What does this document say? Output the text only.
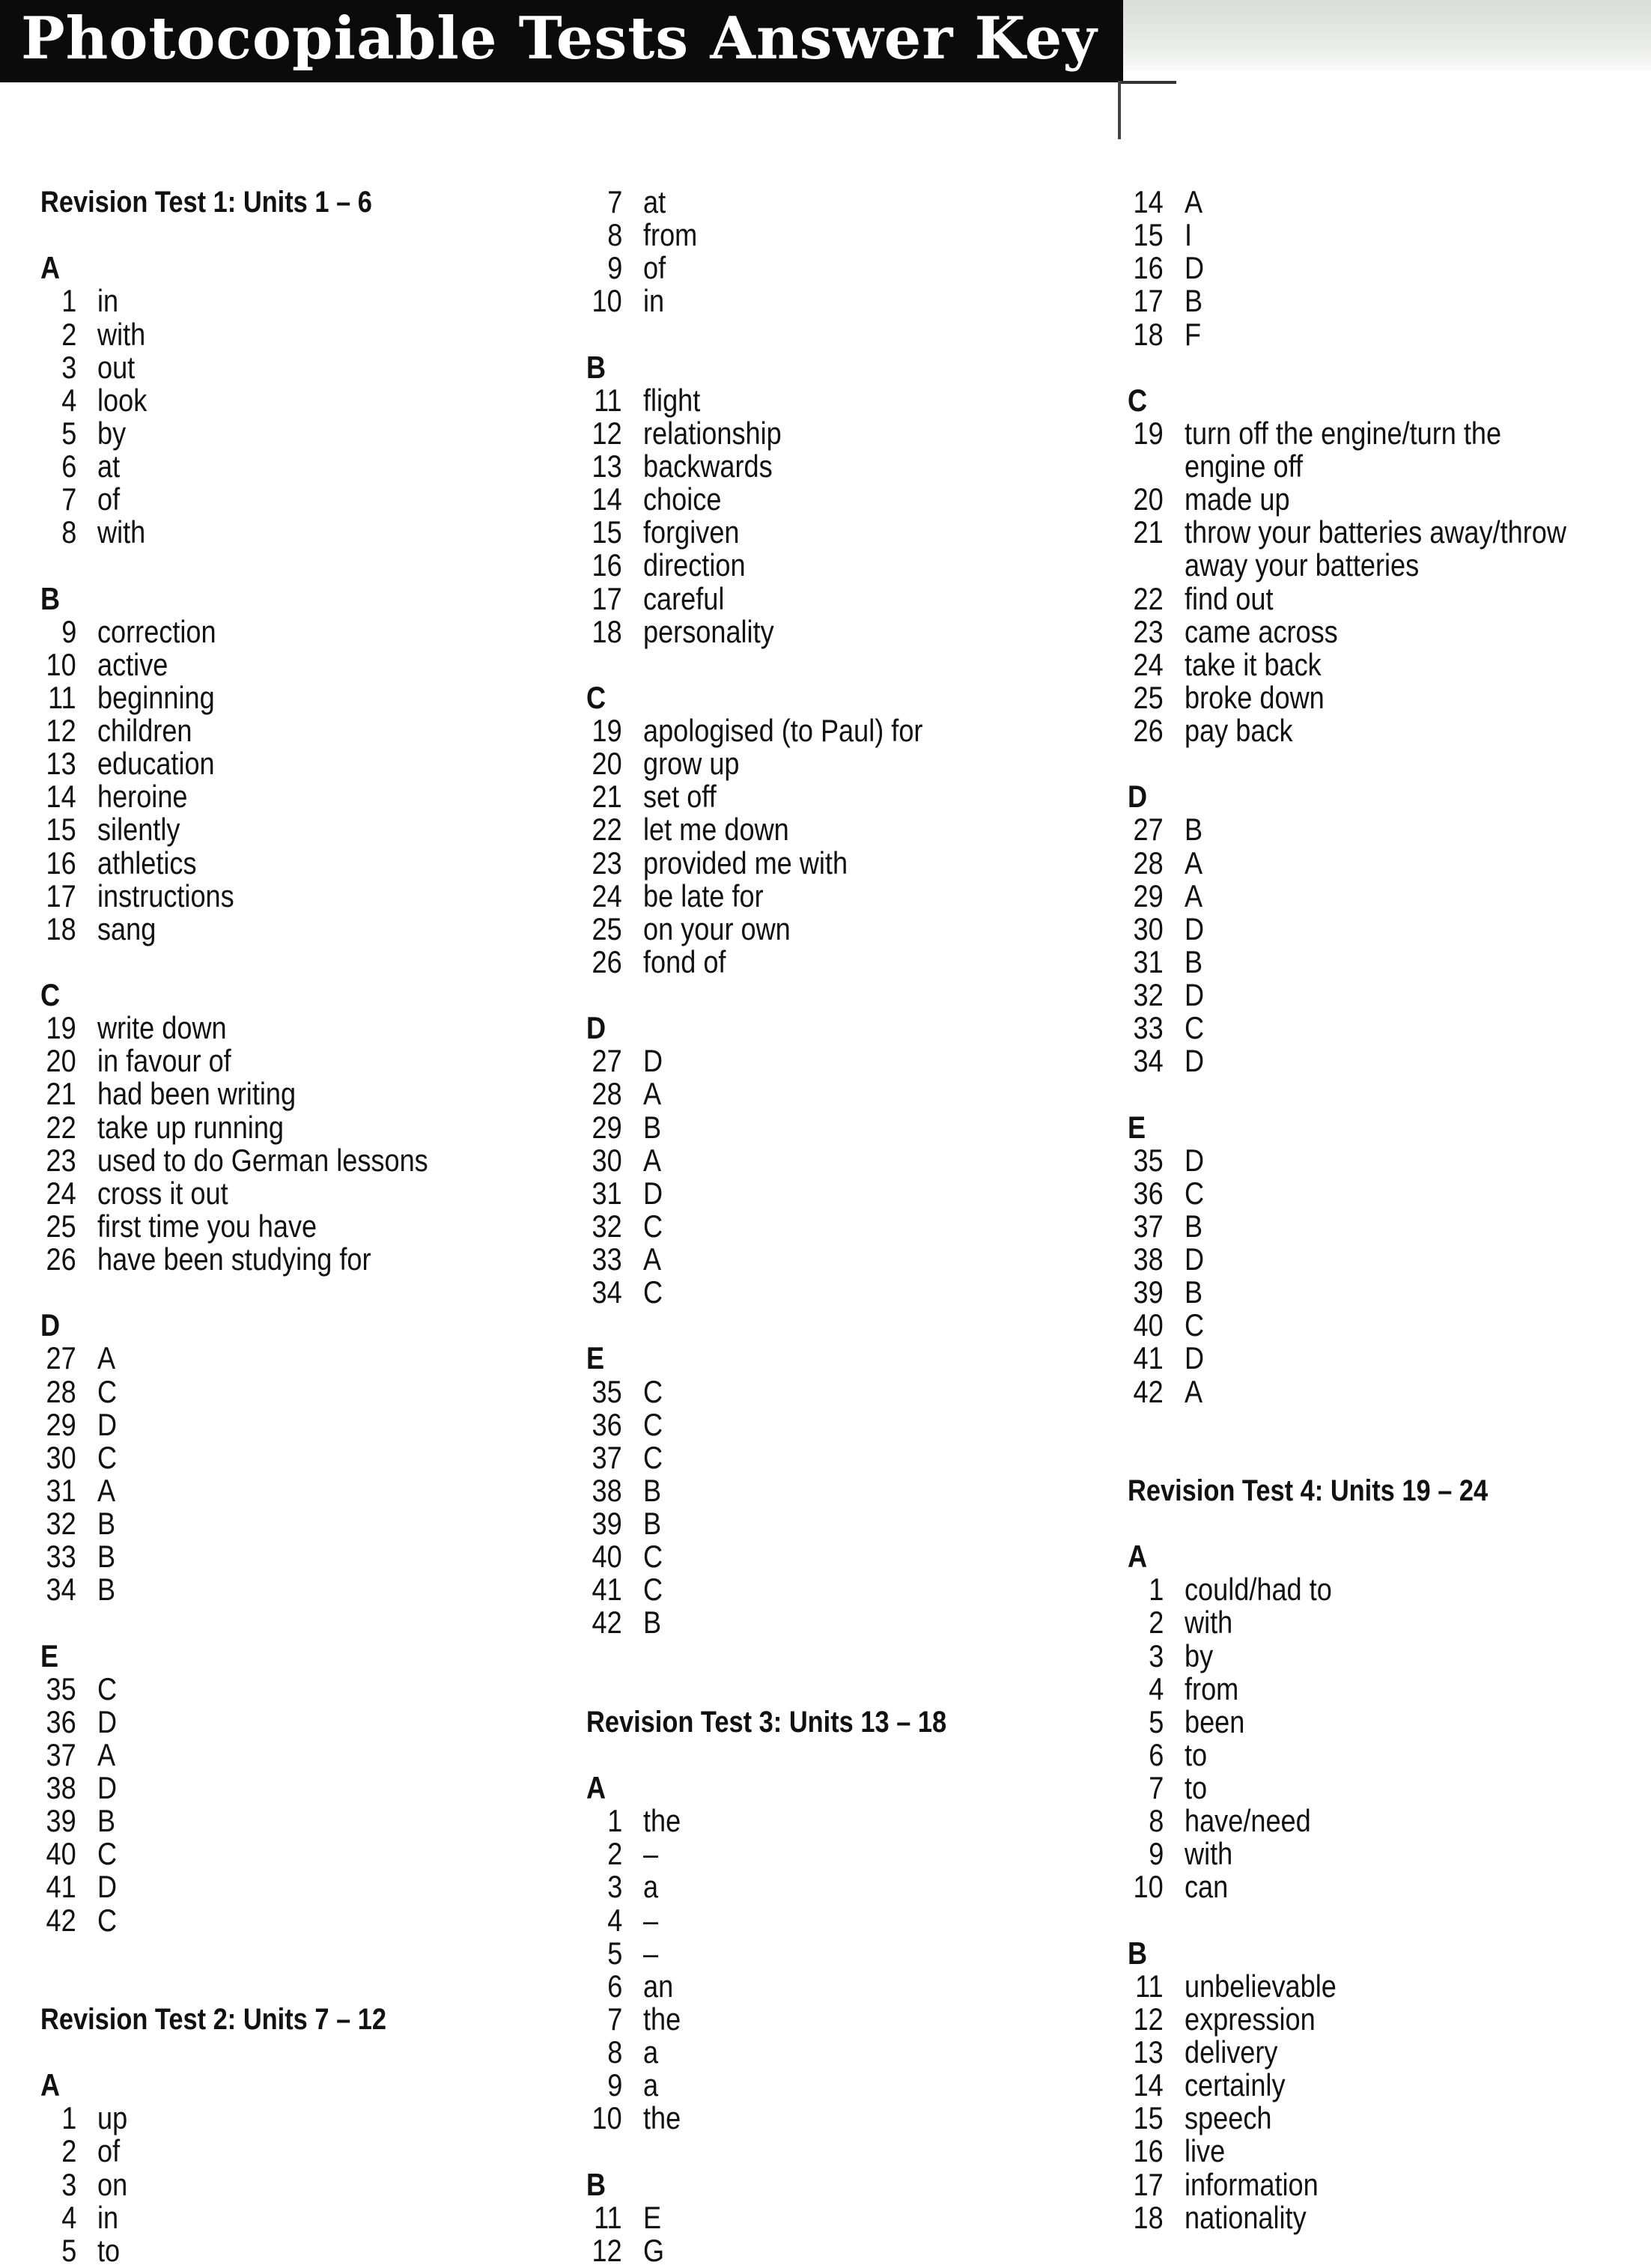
Photocopiable Tests Answer Key
Revision Test 1: Units 1 – 6
A
1 in
2 with
3 out
4 look
5 by
6 at
7 of
8 with
B
9 correction
10 active
11 beginning
12 children
13 education
14 heroine
15 silently
16 athletics
17 instructions
18 sang
C
19 write down
20 in favour of
21 had been writing
22 take up running
23 used to do German lessons
24 cross it out
25 first time you have
26 have been studying for
D
27 A
28 C
29 D
30 C
31 A
32 B
33 B
34 B
E
35 C
36 D
37 A
38 D
39 B
40 C
41 D
42 C
Revision Test 2: Units 7 – 12
A
1 up
2 of
3 on
4 in
5 to
7 at
8 from
9 of
10 in
B
11 flight
12 relationship
13 backwards
14 choice
15 forgiven
16 direction
17 careful
18 personality
C
19 apologised (to Paul) for
20 grow up
21 set off
22 let me down
23 provided me with
24 be late for
25 on your own
26 fond of
D
27 D
28 A
29 B
30 A
31 D
32 C
33 A
34 C
E
35 C
36 C
37 C
38 B
39 B
40 C
41 C
42 B
Revision Test 3: Units 13 – 18
A
1 the
2 –
3 a
4 –
5 –
6 an
7 the
8 a
9 a
10 the
B
11 E
12 G
14 A
15 I
16 D
17 B
18 F
C
19 turn off the engine/turn the
engine off
20 made up
21 throw your batteries away/throw
away your batteries
22 find out
23 came across
24 take it back
25 broke down
26 pay back
D
27 B
28 A
29 A
30 D
31 B
32 D
33 C
34 D
E
35 D
36 C
37 B
38 D
39 B
40 C
41 D
42 A
Revision Test 4: Units 19 – 24
A
1 could/had to
2 with
3 by
4 from
5 been
6 to
7 to
8 have/need
9 with
10 can
B
11 unbelievable
12 expression
13 delivery
14 certainly
15 speech
16 live
17 information
18 nationality
